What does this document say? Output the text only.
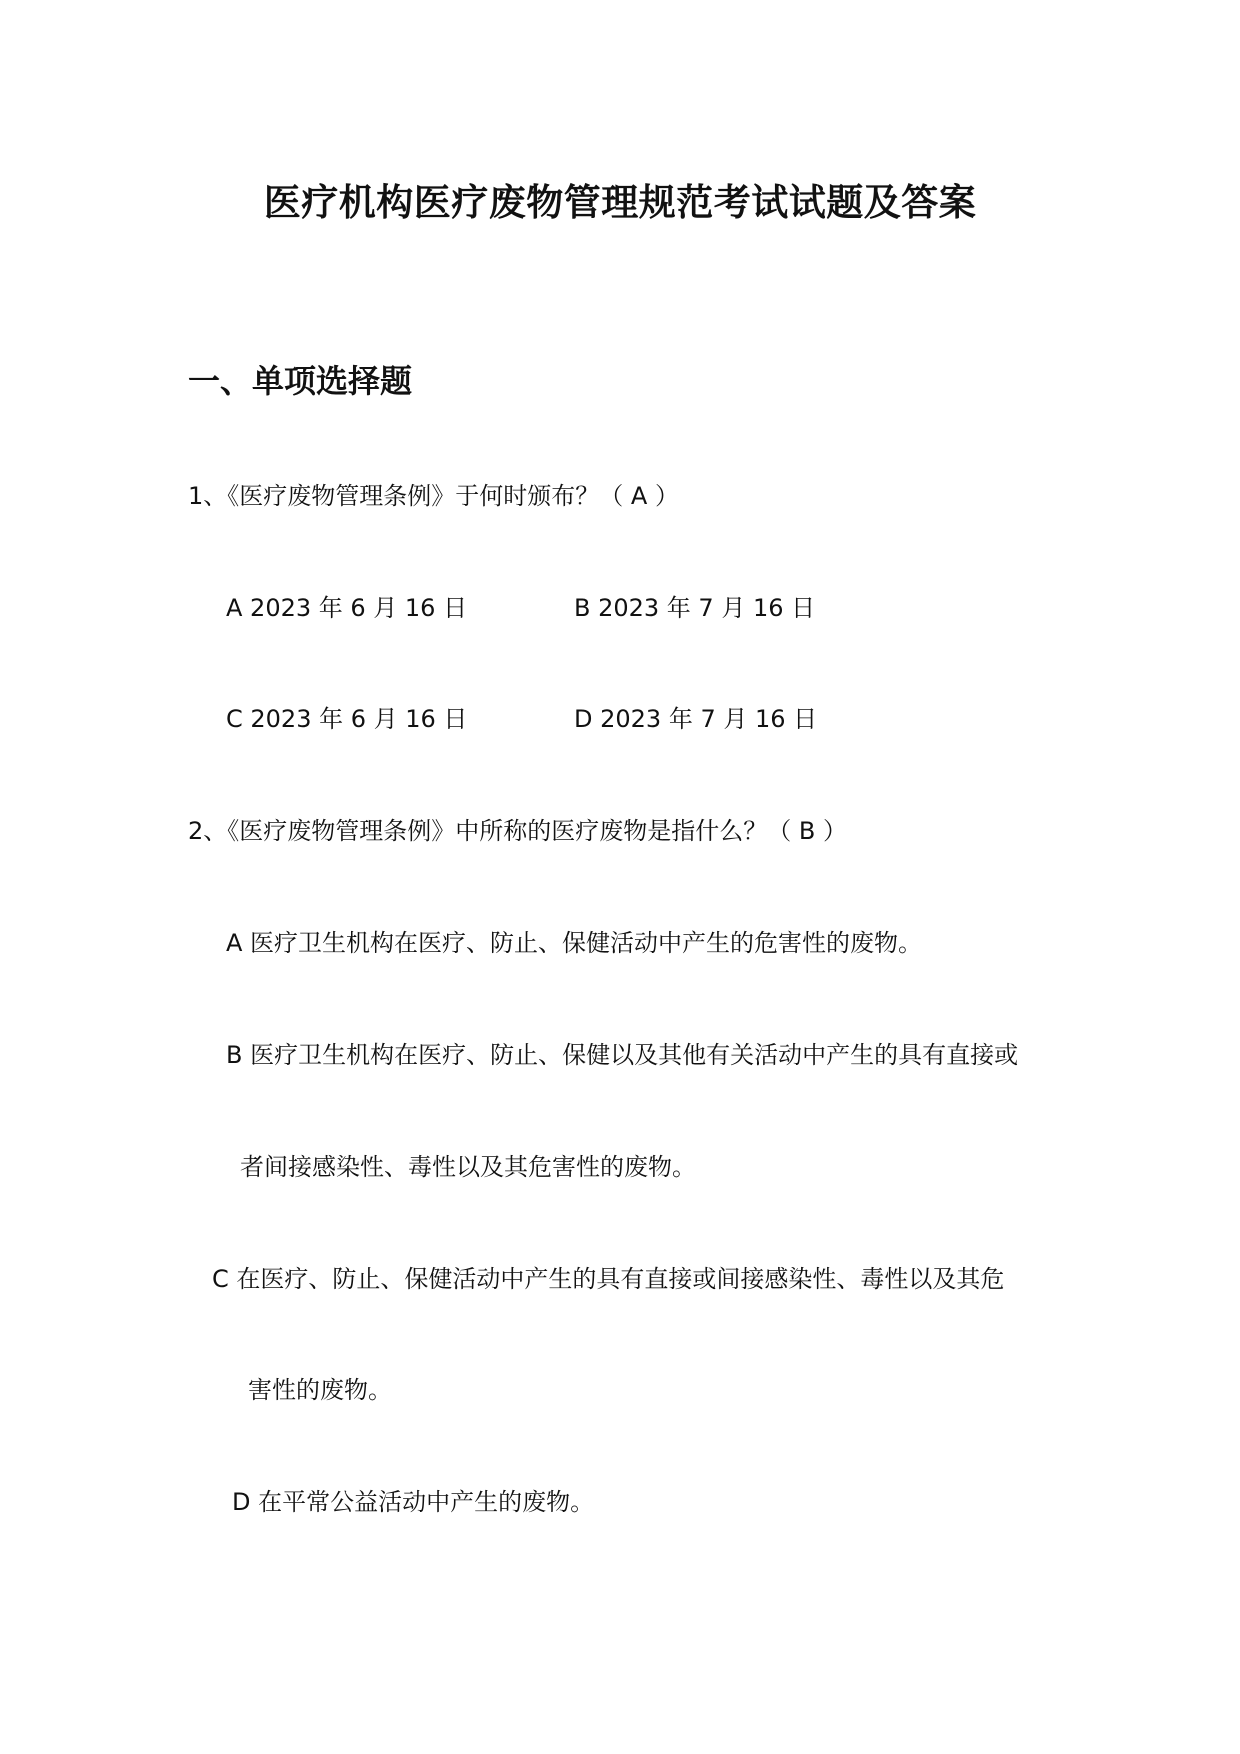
医疗机构医疗废物管理规范考试试题及答案
一、单项选择题
1、《医疗废物管理条例》于何时颁布？（ A ）
A 2023 年 6 月 16 日	B 2023 年 7 月 16 日
C 2023 年 6 月 16 日	D 2023 年 7 月 16 日
2、《医疗废物管理条例》中所称的医疗废物是指什么？（ B ）
A 医疗卫生机构在医疗、防止、保健活动中产生的危害性的废物。
B 医疗卫生机构在医疗、防止、保健以及其他有关活动中产生的具有直接或
者间接感染性、毒性以及其危害性的废物。
C 在医疗、防止、保健活动中产生的具有直接或间接感染性、毒性以及其危
害性的废物。
D 在平常公益活动中产生的废物。
